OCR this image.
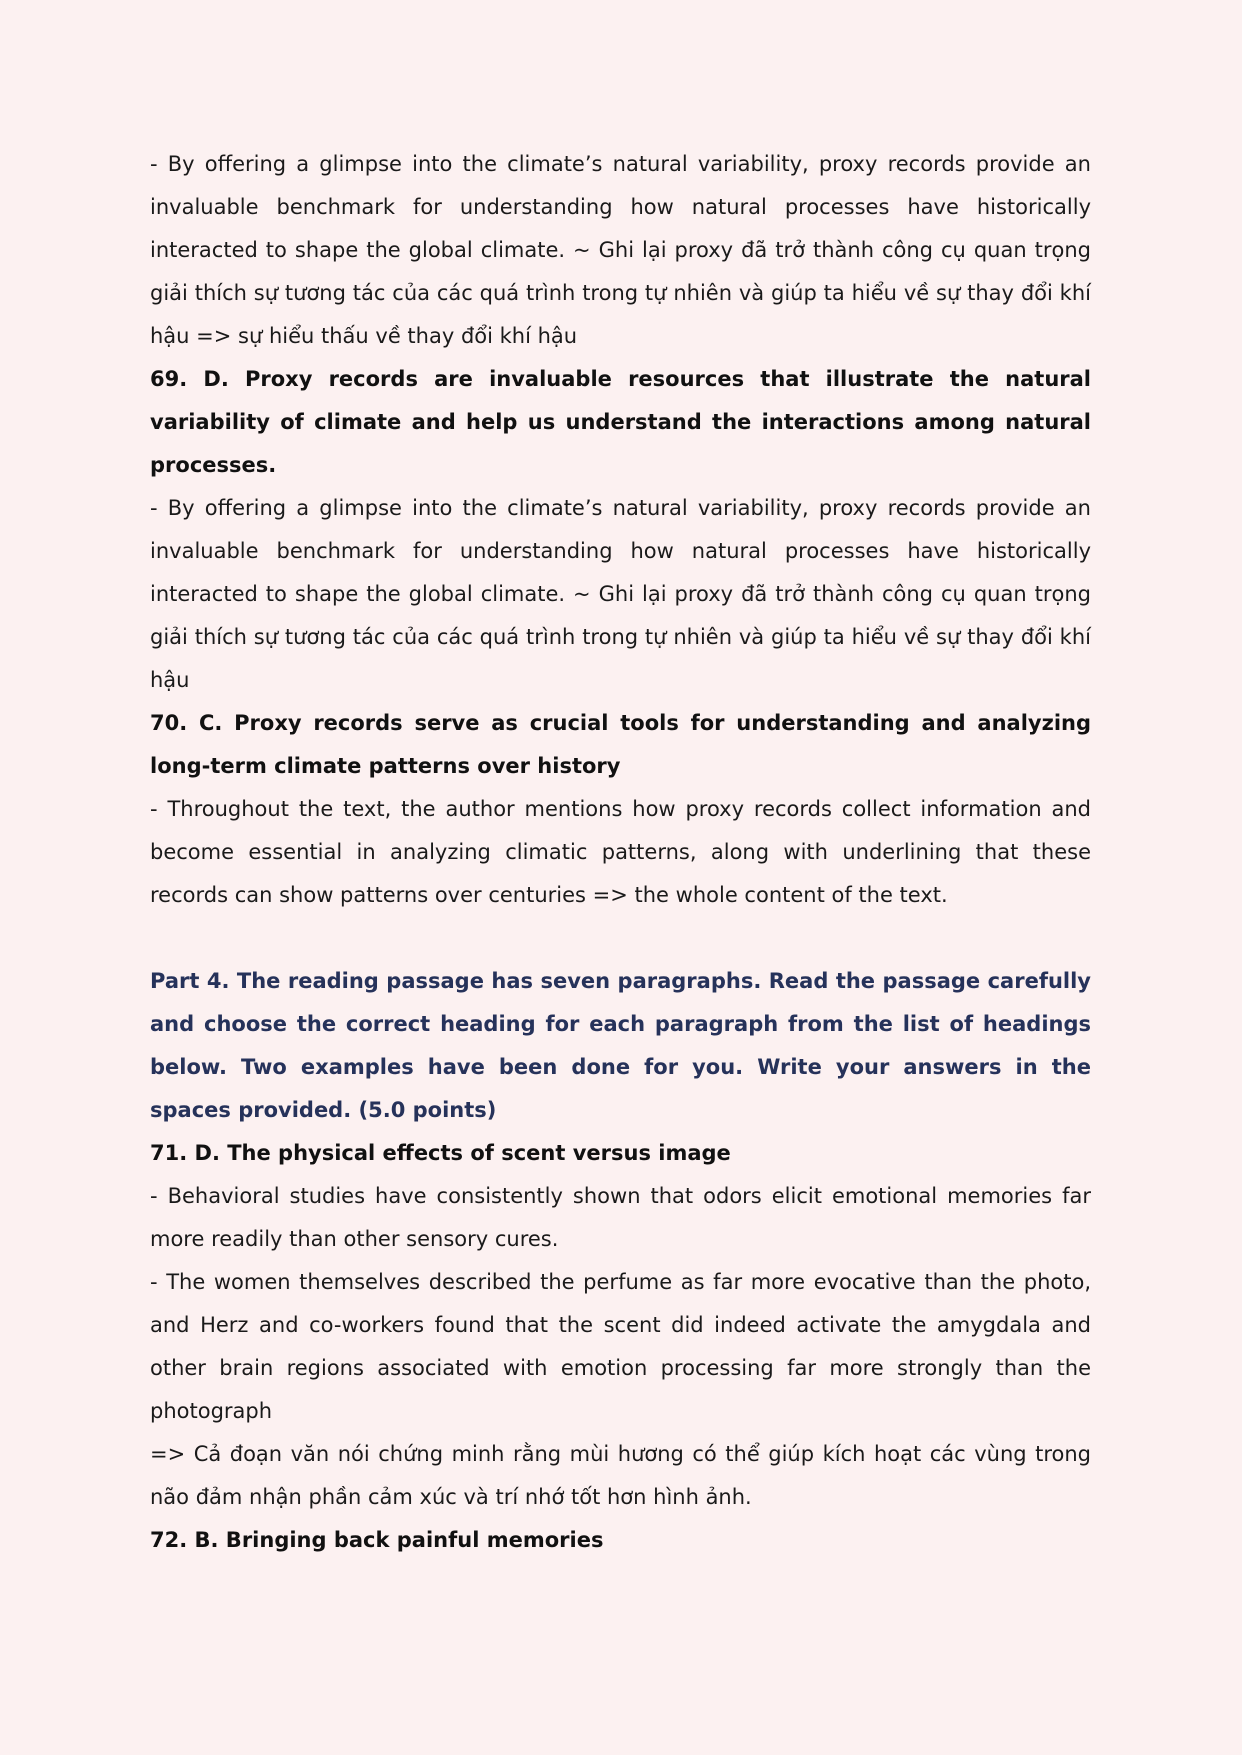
- By offering a glimpse into the climate’s natural variability, proxy records provide an invaluable benchmark for understanding how natural processes have historically interacted to shape the global climate. ~ Ghi lại proxy đã trở thành công cụ quan trọng giải thích sự tương tác của các quá trình trong tự nhiên và giúp ta hiểu về sự thay đổi khí hậu => sự hiểu thấu về thay đổi khí hậu

69. D. Proxy records are invaluable resources that illustrate the natural variability of climate and help us understand the interactions among natural processes.

- By offering a glimpse into the climate’s natural variability, proxy records provide an invaluable benchmark for understanding how natural processes have historically interacted to shape the global climate. ~ Ghi lại proxy đã trở thành công cụ quan trọng giải thích sự tương tác của các quá trình trong tự nhiên và giúp ta hiểu về sự thay đổi khí hậu

70. C. Proxy records serve as crucial tools for understanding and analyzing long-term climate patterns over history

- Throughout the text, the author mentions how proxy records collect information and become essential in analyzing climatic patterns, along with underlining that these records can show patterns over centuries => the whole content of the text.

Part 4. The reading passage has seven paragraphs. Read the passage carefully and choose the correct heading for each paragraph from the list of headings below. Two examples have been done for you. Write your answers in the spaces provided. (5.0 points)

71. D. The physical effects of scent versus image

- Behavioral studies have consistently shown that odors elicit emotional memories far more readily than other sensory cures.

- The women themselves described the perfume as far more evocative than the photo, and Herz and co-workers found that the scent did indeed activate the amygdala and other brain regions associated with emotion processing far more strongly than the photograph

=> Cả đoạn văn nói chứng minh rằng mùi hương có thể giúp kích hoạt các vùng trong não đảm nhận phần cảm xúc và trí nhớ tốt hơn hình ảnh.

72. B. Bringing back painful memories
